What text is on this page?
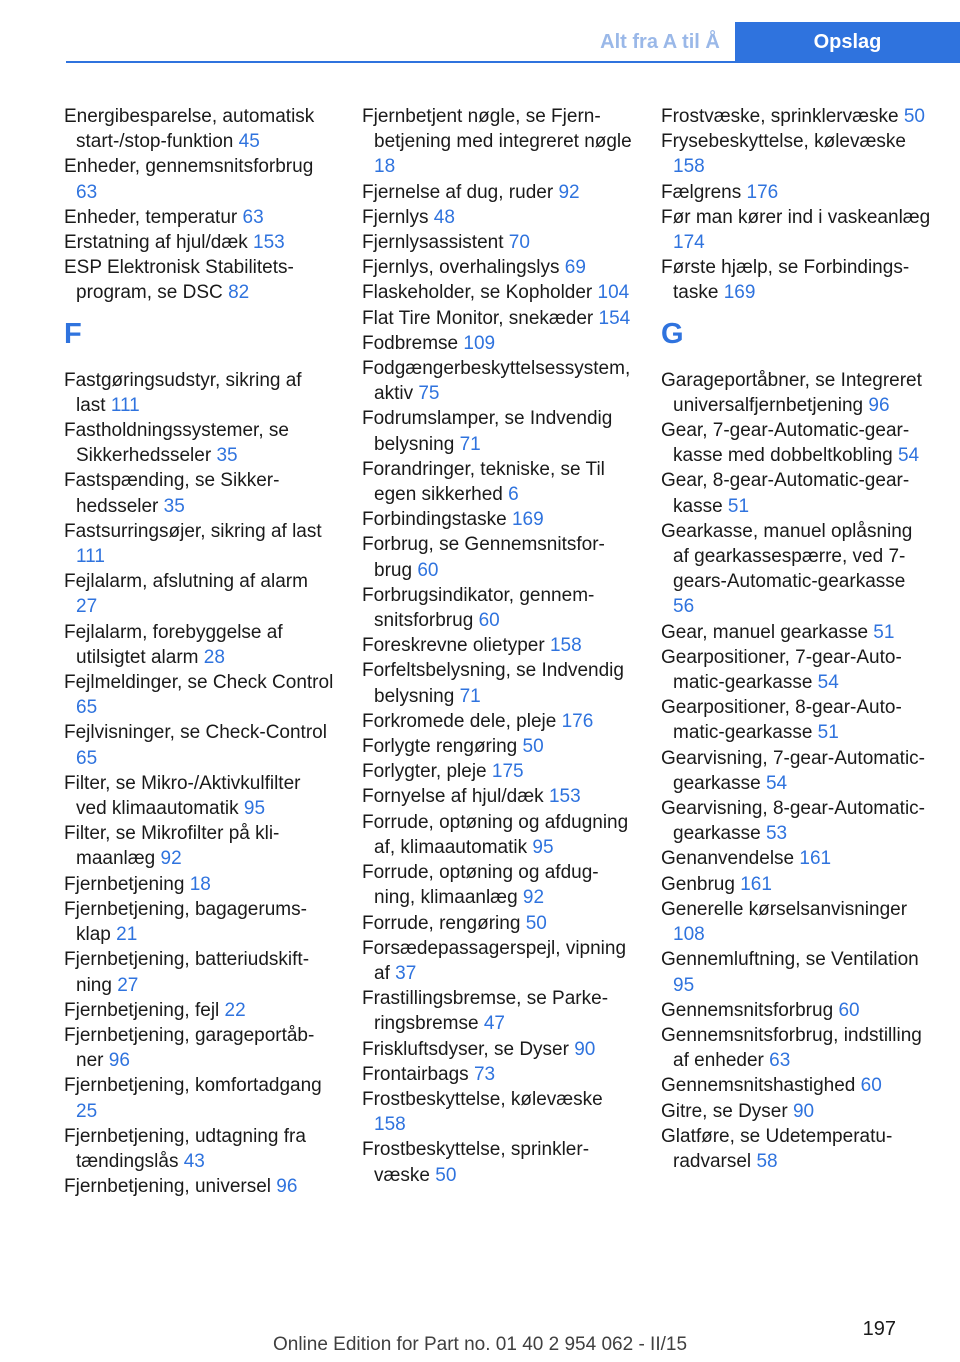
Alt fra A til Å	Opslag
Energibesparelse, automatisk start-/stop-funktion 45
Enheder, gennemsnitsforbrug 63
Enheder, temperatur 63
Erstatning af hjul/dæk 153
ESP Elektronisk Stabilitetsprogram, se DSC 82
F
Fastgøringsudstyr, sikring af last 111
Fastholdningssystemer, se Sikkerhedsseler 35
Fastspænding, se Sikkerhedsseler 35
Fastsurringsøjer, sikring af last 111
Fejlalarm, afslutning af alarm 27
Fejlalarm, forebyggelse af utilsigtet alarm 28
Fejlmeldinger, se Check Control 65
Fejlvisninger, se Check-Control 65
Filter, se Mikro-/Aktivkulfilter ved klimaautomatik 95
Filter, se Mikrofilter på klimaanlæg 92
Fjernbetjening 18
Fjernbetjening, bagagerumsklap 21
Fjernbetjening, batteriudskiftning 27
Fjernbetjening, fejl 22
Fjernbetjening, garageportåbner 96
Fjernbetjening, komfortadgang 25
Fjernbetjening, udtagning fra tændingslås 43
Fjernbetjening, universel 96
Fjernbetjent nøgle, se Fjernbetjening med integreret nøgle 18
Fjernelse af dug, ruder 92
Fjernlys 48
Fjernlysassistent 70
Fjernlys, overhalingslys 69
Flaskeholder, se Kopholder 104
Flat Tire Monitor, snekæder 154
Fodbremse 109
Fodgængerbeskyttelsessystem, aktiv 75
Fodrumslamper, se Indvendig belysning 71
Forandringer, tekniske, se Til egen sikkerhed 6
Forbindingstaske 169
Forbrug, se Gennemsnitsforbrug 60
Forbrugsindikator, gennemsnitsforbrug 60
Foreskrevne olietyper 158
Forfeltsbelysning, se Indvendig belysning 71
Forkromede dele, pleje 176
Forlygte rengøring 50
Forlygter, pleje 175
Fornyelse af hjul/dæk 153
Forrude, optøning og afdugning af, klimaautomatik 95
Forrude, optøning og afdugning, klimaanlæg 92
Forrude, rengøring 50
Forsædepassagerspejl, vipning af 37
Frastillingsbremse, se Parkeringsbremse 47
Friskluftsdyser, se Dyser 90
Frontairbags 73
Frostbeskyttelse, kølevæske 158
Frostbeskyttelse, sprinklervæske 50
Frostvæske, sprinklervæske 50
Frysebeskyttelse, kølevæske 158
Fælgrens 176
Før man kører ind i vaskeanlæg 174
Første hjælp, se Forbindingstaske 169
G
Garageportåbner, se Integreret universalfjernbetjening 96
Gear, 7-gear-Automatic-gearkasse med dobbeltkobling 54
Gear, 8-gear-Automatic-gearkasse 51
Gearkasse, manuel oplåsning af gearkassespærre, ved 7-gears-Automatic-gearkasse 56
Gear, manuel gearkasse 51
Gearpositioner, 7-gear-Automatic-gearkasse 54
Gearpositioner, 8-gear-Automatic-gearkasse 51
Gearvisning, 7-gear-Automatic-gearkasse 54
Gearvisning, 8-gear-Automatic-gearkasse 53
Genanvendelse 161
Genbrug 161
Generelle kørselsanvisninger 108
Gennemluftning, se Ventilation 95
Gennemsnitsforbrug 60
Gennemsnitsforbrug, indstilling af enheder 63
Gennemsnitshastighed 60
Gitre, se Dyser 90
Glatføre, se Udetemperaturadvarsel 58
197
Online Edition for Part no. 01 40 2 954 062 - II/15
